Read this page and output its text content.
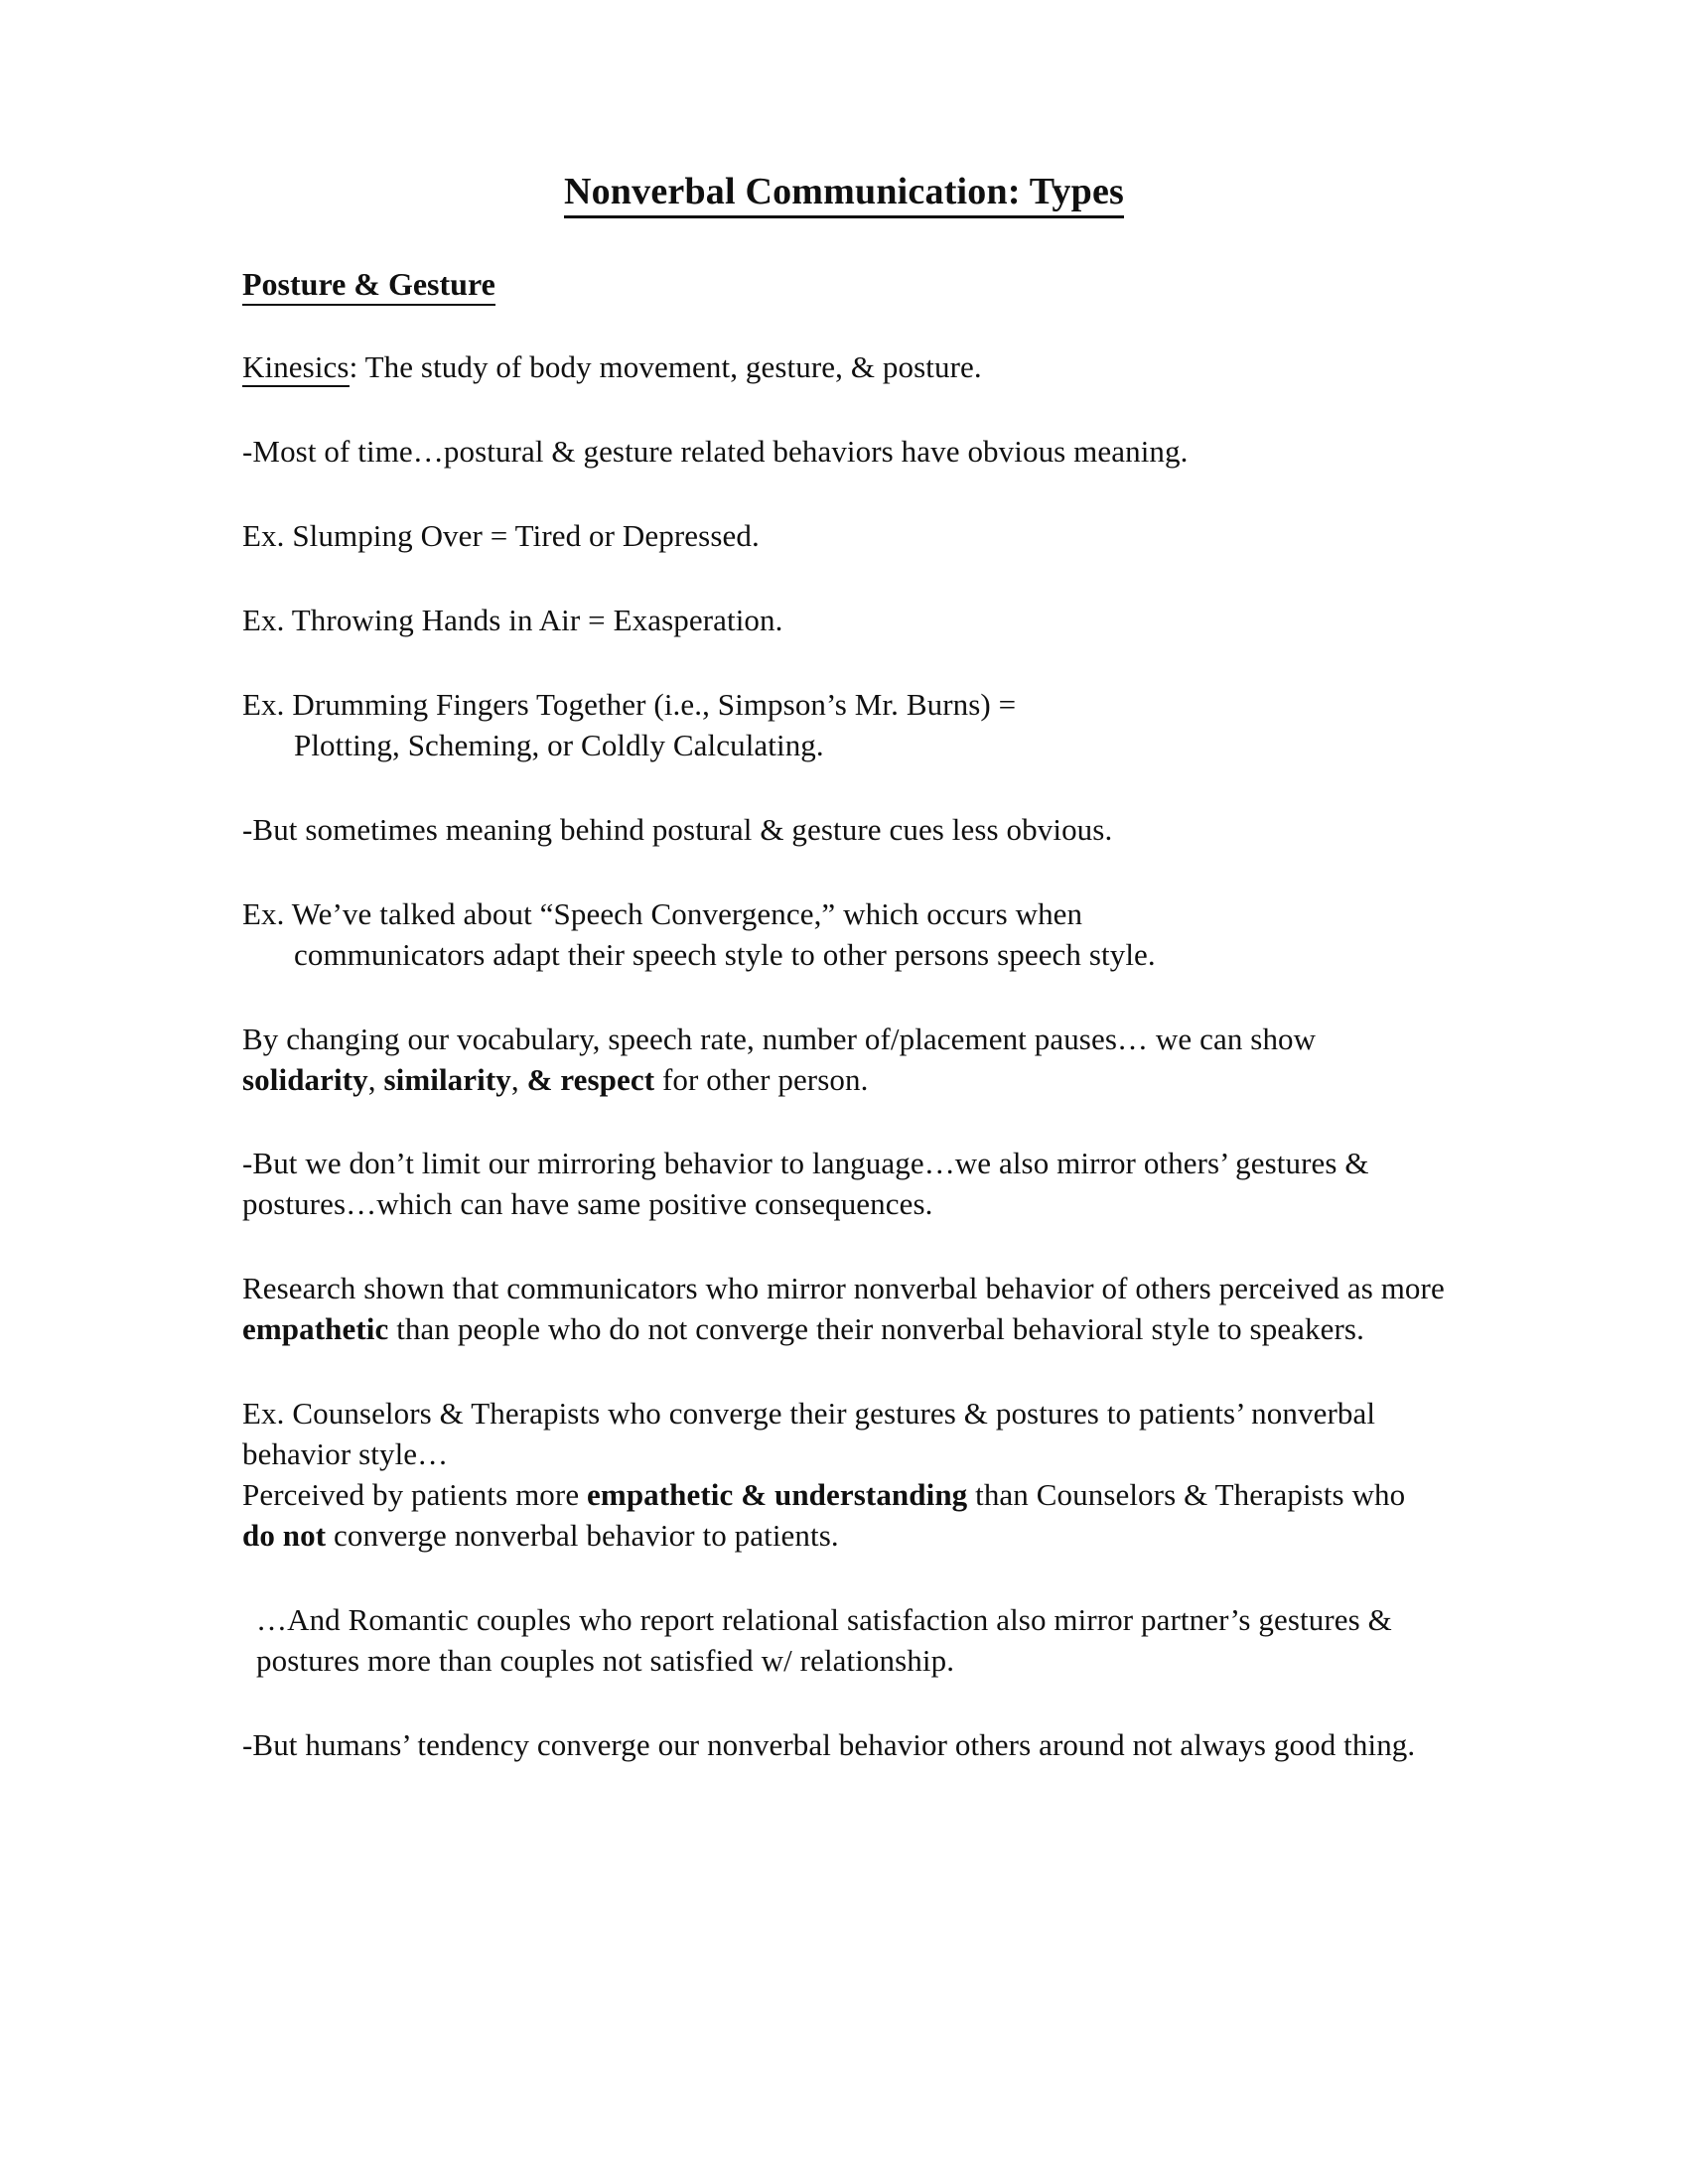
Nonverbal Communication: Types
Posture & Gesture

Kinesics: The study of body movement, gesture, & posture.

-Most of time…postural & gesture related behaviors have obvious meaning.

Ex. Slumping Over = Tired or Depressed.

Ex. Throwing Hands in Air = Exasperation.

Ex. Drumming Fingers Together (i.e., Simpson’s Mr. Burns) =
Plotting, Scheming, or Coldly Calculating.

-But sometimes meaning behind postural & gesture cues less obvious.

Ex. We’ve talked about “Speech Convergence,” which occurs when
communicators adapt their speech style to other persons speech style.

By changing our vocabulary, speech rate, number of/placement pauses… we can show solidarity, similarity, & respect for other person.

-But we don’t limit our mirroring behavior to language…we also mirror others’ gestures & postures…which can have same positive consequences.

Research shown that communicators who mirror nonverbal behavior of others perceived as more empathetic than people who do not converge their nonverbal behavioral style to speakers.

Ex. Counselors & Therapists who converge their gestures & postures to patients’ nonverbal behavior style…
Perceived by patients more empathetic & understanding than Counselors & Therapists who do not converge nonverbal behavior to patients.

…And Romantic couples who report relational satisfaction also mirror partner’s gestures & postures more than couples not satisfied w/ relationship.

-But humans’ tendency converge our nonverbal behavior others around not always good thing.
